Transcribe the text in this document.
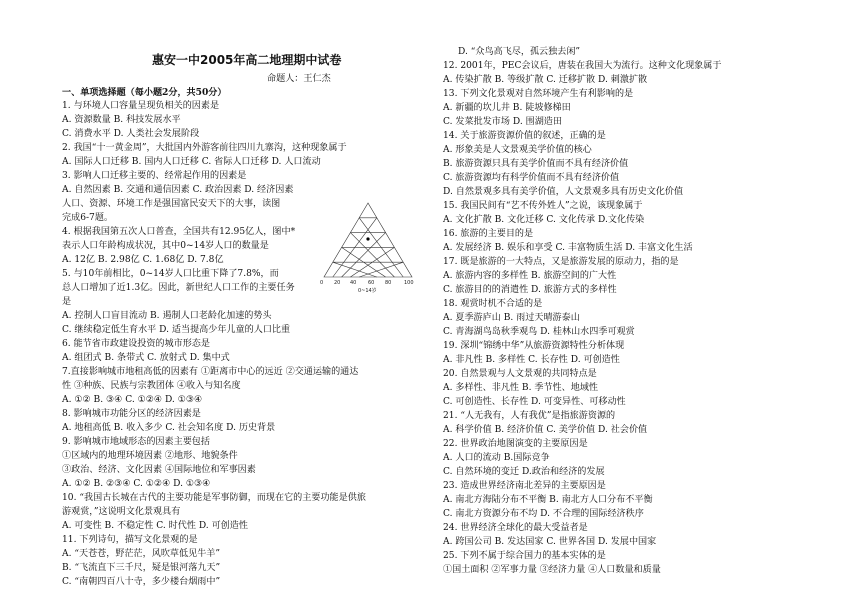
惠安一中2005年高二地理期中试卷
命题人：王仁杰
一、单项选择题（每小题2分，共50分）
1. 与环境人口容量呈现负相关的因素是
A. 资源数量 B. 科技发展水平
C. 消费水平 D. 人类社会发展阶段
2. 我国“十一黄金周”，大批国内外游客前往四川九寨沟，这种现象属于
A. 国际人口迁移 B. 国内人口迁移 C. 省际人口迁移 D. 人口流动
3. 影响人口迁移主要的、经常起作用的因素是
A. 自然因素 B. 交通和通信因素 C. 政治因素 D. 经济因素
人口、资源、环境工作是强国富民安天下的大事，读图
完成6-7题。
4. 根据我国第五次人口普查，全国共有12.95亿人，图中*
表示人口年龄构成状况，其中0~14岁人口的数量是
A. 12亿 B. 2.98亿 C. 1.68亿 D. 7.8亿
5. 与10年前相比，0~14岁人口比重下降了7.8%，而
总人口增加了近1.3亿。因此，新世纪人口工作的主要任务
是
A. 控制人口盲目流动 B. 遏制人口老龄化加速的势头
C. 继续稳定低生育水平 D. 适当提高少年儿童的人口比重
6. 能节省市政建设投资的城市形态是
A. 组团式 B. 条带式 C. 放射式 D. 集中式
7.直接影响城市地租高低的因素有 ①距离市中心的远近 ②交通运输的通达
性 ③种族、民族与宗教团体 ④收入与知名度
A. ①② B. ③④ C. ①②④ D. ①③④
8. 影响城市功能分区的经济因素是
A. 地租高低 B. 收入多少 C. 社会知名度 D. 历史背景
9. 影响城市地域形态的因素主要包括
①区域内的地理环境因素 ②地形、地貌条件
③政治、经济、文化因素 ④国际地位和军事因素
A. ①② B. ②③④ C. ①②④ D. ①③④
10. “我国古长城在古代的主要功能是军事防御，而现在它的主要功能是供旅
游观赏，”这说明文化景观具有
A. 可变性 B. 不稳定性 C. 时代性 D. 可创造性
11. 下列诗句，描写文化景观的是
A. “天苍苍，野茫茫，风吹草低见牛羊”
B. “飞流直下三千尺，疑是银河落九天”
C. “南朝四百八十寺，多少楼台烟雨中”
0 20 40 60 80	100
0~14岁
D. “众鸟高飞尽，孤云独去闲”
12. 2001年，PEC会议后，唐装在我国大为流行。这种文化现象属于
A. 传染扩散 B. 等级扩散 C. 迁移扩散 D. 刺激扩散
13. 下列文化景观对自然环境产生有利影响的是
A. 新疆的坎儿井 B. 陡坡修梯田
C. 发菜批发市场 D. 围湖造田
14. 关于旅游资源价值的叙述，正确的是
A. 形象美是人文景观美学价值的核心
B. 旅游资源只具有美学价值而不具有经济价值
C. 旅游资源均有科学价值而不具有经济价值
D. 自然景观多具有美学价值，人文景观多具有历史文化价值
15. 我国民间有“艺不传外姓人”之说，该现象属于
A. 文化扩散 B. 文化迁移 C. 文化传承 D.文化传染
16. 旅游的主要目的是
A. 发展经济 B. 娱乐和享受 C. 丰富物质生活 D. 丰富文化生活
17. 既是旅游的一大特点，又是旅游发展的原动力，指的是
A. 旅游内容的多样性 B. 旅游空间的广大性
C. 旅游目的的消遣性 D. 旅游方式的多样性
18. 观赏时机不合适的是
A. 夏季游庐山 B. 雨过天晴游泰山
C. 青海湖鸟岛秋季观鸟 D. 桂林山水四季可观赏
19. 深圳“锦绣中华”从旅游资源特性分析体现
A. 非凡性 B. 多样性 C. 长存性 D. 可创造性
20. 自然景观与人文景观的共同特点是
A. 多样性、非凡性 B. 季节性、地域性
C. 可创造性、长存性 D. 可变异性、可移动性
21. “人无我有，人有我优”是指旅游资源的
A. 科学价值 B. 经济价值 C. 美学价值 D. 社会价值
22. 世界政治地图演变的主要原因是
A. 人口的流动 B.国际竞争
C. 自然环境的变迁 D.政治和经济的发展
23. 造成世界经济南北差异的主要原因是
A. 南北方海陆分布不平衡 B. 南北方人口分布不平衡
C. 南北方资源分布不均 D. 不合理的国际经济秩序
24. 世界经济全球化的最大受益者是
A. 跨国公司 B. 发达国家 C. 世界各国 D. 发展中国家
25. 下列不属于综合国力的基本实体的是
①国土面积 ②军事力量 ③经济力量 ④人口数量和质量
